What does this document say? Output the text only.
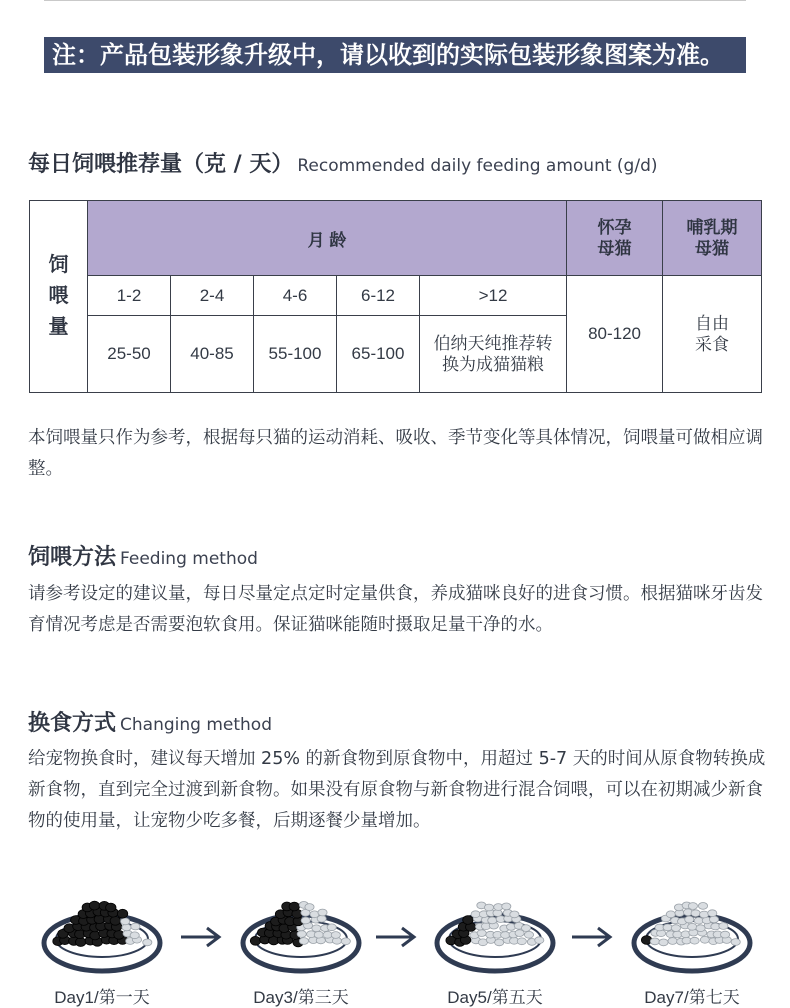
注：产品包装形象升级中，请以收到的实际包装形象图案为准。
每日饲喂推荐量（克 / 天） Recommended daily feeding amount (g/d)
饲喂量	月 龄					怀孕母猫	哺乳期母猫

	1-2	2-4	4-6	6-12	>12	80-120	自由采食

	25-50	40-85	55-100	65-100	伯纳天纯推荐转换为成猫猫粮		
本饲喂量只作为参考，根据每只猫的运动消耗、吸收、季节变化等具体情况，饲喂量可做相应调整。
饲喂方法 Feeding method
请参考设定的建议量，每日尽量定点定时定量供食，养成猫咪良好的进食习惯。根据猫咪牙齿发育情况考虑是否需要泡软食用。保证猫咪能随时摄取足量干净的水。
换食方式 Changing method
给宠物换食时，建议每天增加 25% 的新食物到原食物中，用超过 5-7 天的时间从原食物转换成新食物，直到完全过渡到新食物。如果没有原食物与新食物进行混合饲喂，可以在初期减少新食物的使用量，让宠物少吃多餐，后期逐餐少量增加。
Day1/第一天	Day3/第三天	Day5/第五天	Day7/第七天
